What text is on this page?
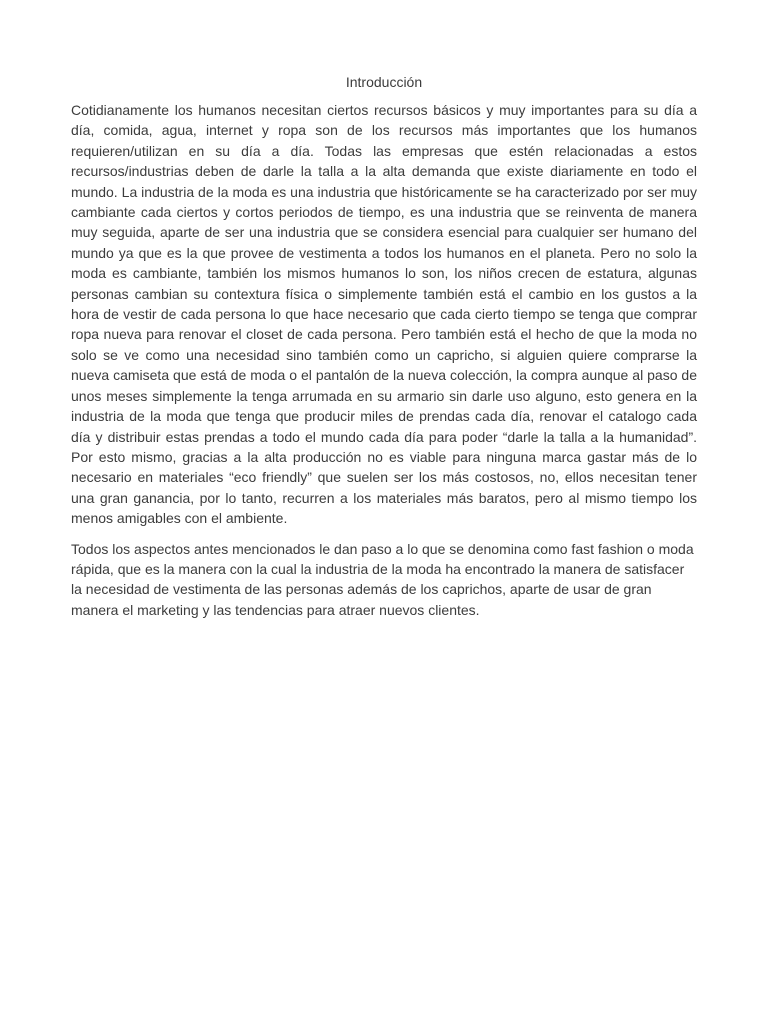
Introducción

Cotidianamente los humanos necesitan ciertos recursos básicos y muy importantes para su día a día, comida, agua, internet y ropa son de los recursos más importantes que los humanos requieren/utilizan en su día a día. Todas las empresas que estén relacionadas a estos recursos/industrias deben de darle la talla a la alta demanda que existe diariamente en todo el mundo. La industria de la moda es una industria que históricamente se ha caracterizado por ser muy cambiante cada ciertos y cortos periodos de tiempo, es una industria que se reinventa de manera muy seguida, aparte de ser una industria que se considera esencial para cualquier ser humano del mundo ya que es la que provee de vestimenta a todos los humanos en el planeta. Pero no solo la moda es cambiante, también los mismos humanos lo son, los niños crecen de estatura, algunas personas cambian su contextura física o simplemente también está el cambio en los gustos a la hora de vestir de cada persona lo que hace necesario que cada cierto tiempo se tenga que comprar ropa nueva para renovar el closet de cada persona. Pero también está el hecho de que la moda no solo se ve como una necesidad sino también como un capricho, si alguien quiere comprarse la nueva camiseta que está de moda o el pantalón de la nueva colección, la compra aunque al paso de unos meses simplemente la tenga arrumada en su armario sin darle uso alguno, esto genera en la industria de la moda que tenga que producir miles de prendas cada día, renovar el catalogo cada día y distribuir estas prendas a todo el mundo cada día para poder “darle la talla a la humanidad”. Por esto mismo, gracias a la alta producción no es viable para ninguna marca gastar más de lo necesario en materiales “eco friendly” que suelen ser los más costosos, no, ellos necesitan tener una gran ganancia, por lo tanto, recurren a los materiales más baratos, pero al mismo tiempo los menos amigables con el ambiente.

Todos los aspectos antes mencionados le dan paso a lo que se denomina como fast fashion o moda rápida, que es la manera con la cual la industria de la moda ha encontrado la manera de satisfacer la necesidad de vestimenta de las personas además de los caprichos, aparte de usar de gran manera el marketing y las tendencias para atraer nuevos clientes.
